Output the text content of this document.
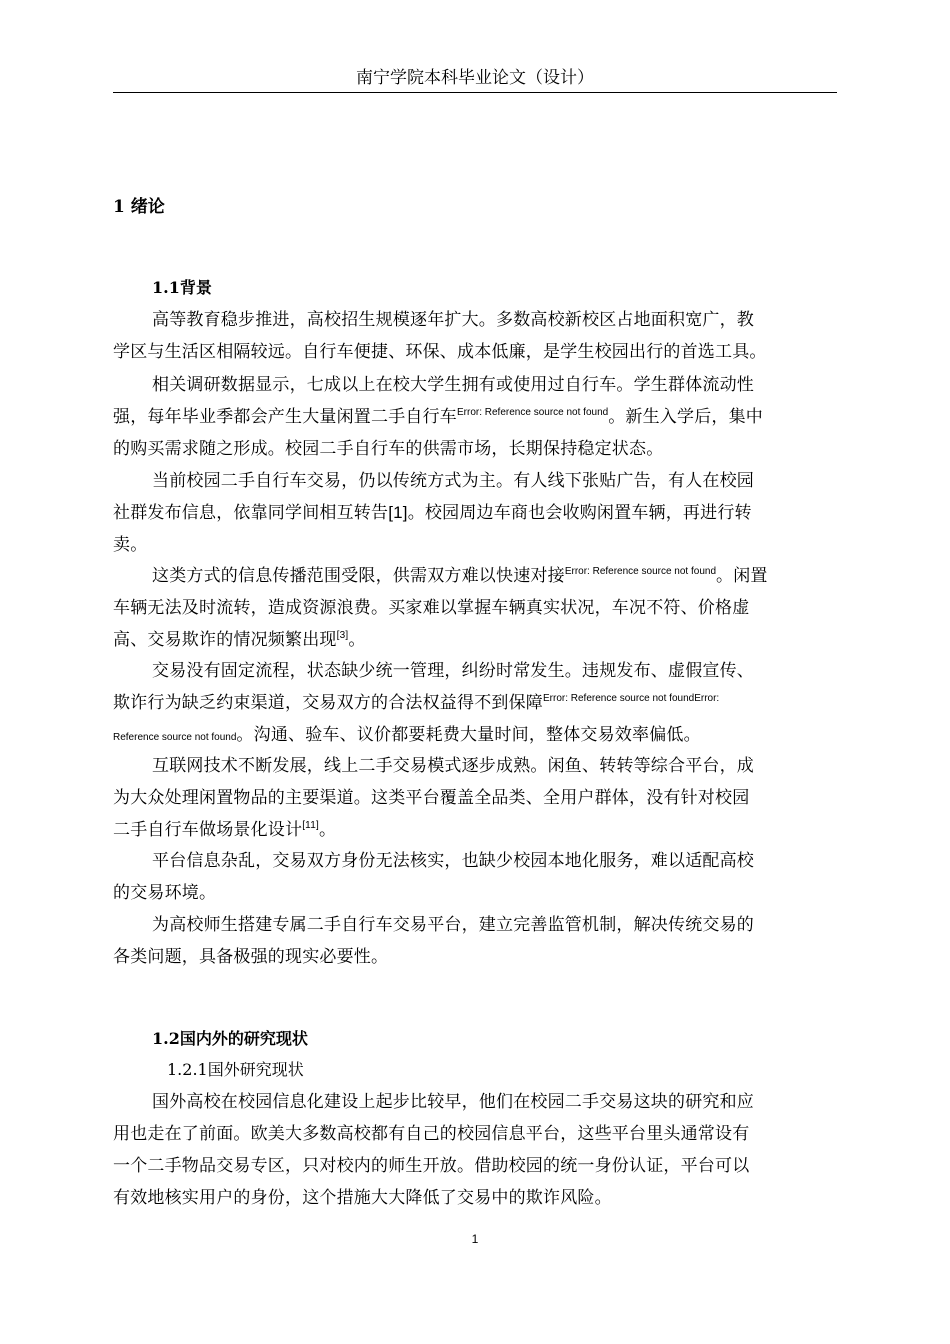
南宁学院本科毕业论文（设计）
1 绪论
1.1背景
高等教育稳步推进，高校招生规模逐年扩大。多数高校新校区占地面积宽广，教
学区与生活区相隔较远。自行车便捷、环保、成本低廉，是学生校园出行的首选工具。
相关调研数据显示，七成以上在校大学生拥有或使用过自行车。学生群体流动性
强，每年毕业季都会产生大量闲置二手自行车$^{Error: Reference source not found}$。新生入学后，集中
的购买需求随之形成。校园二手自行车的供需市场，长期保持稳定状态。
当前校园二手自行车交易，仍以传统方式为主。有人线下张贴广告，有人在校园
社群发布信息，依靠同学间相互转告[1]。校园周边车商也会收购闲置车辆，再进行转
卖。
这类方式的信息传播范围受限，供需双方难以快速对接$^{Error: Reference source not found}$。闲置
车辆无法及时流转，造成资源浪费。买家难以掌握车辆真实状况，车况不符、价格虚
高、交易欺诈的情况频繁出现[3]。
交易没有固定流程，状态缺少统一管理，纠纷时常发生。违规发布、虚假宣传、
欺诈行为缺乏约束渠道，交易双方的合法权益得不到保障$^{Error: Reference source not foundError:}$
Reference source not found。沟通、验车、议价都要耗费大量时间，整体交易效率偏低。
互联网技术不断发展，线上二手交易模式逐步成熟。闲鱼、转转等综合平台，成
为大众处理闲置物品的主要渠道。这类平台覆盖全品类、全用户群体，没有针对校园
二手自行车做场景化设计[11]。
平台信息杂乱，交易双方身份无法核实，也缺少校园本地化服务，难以适配高校
的交易环境。
为高校师生搭建专属二手自行车交易平台，建立完善监管机制，解决传统交易的
各类问题，具备极强的现实必要性。
1.2国内外的研究现状
1.2.1国外研究现状
国外高校在校园信息化建设上起步比较早，他们在校园二手交易这块的研究和应
用也走在了前面。欧美大多数高校都有自己的校园信息平台，这些平台里头通常设有
一个二手物品交易专区，只对校内的师生开放。借助校园的统一身份认证，平台可以
有效地核实用户的身份，这个措施大大降低了交易中的欺诈风险。
1
